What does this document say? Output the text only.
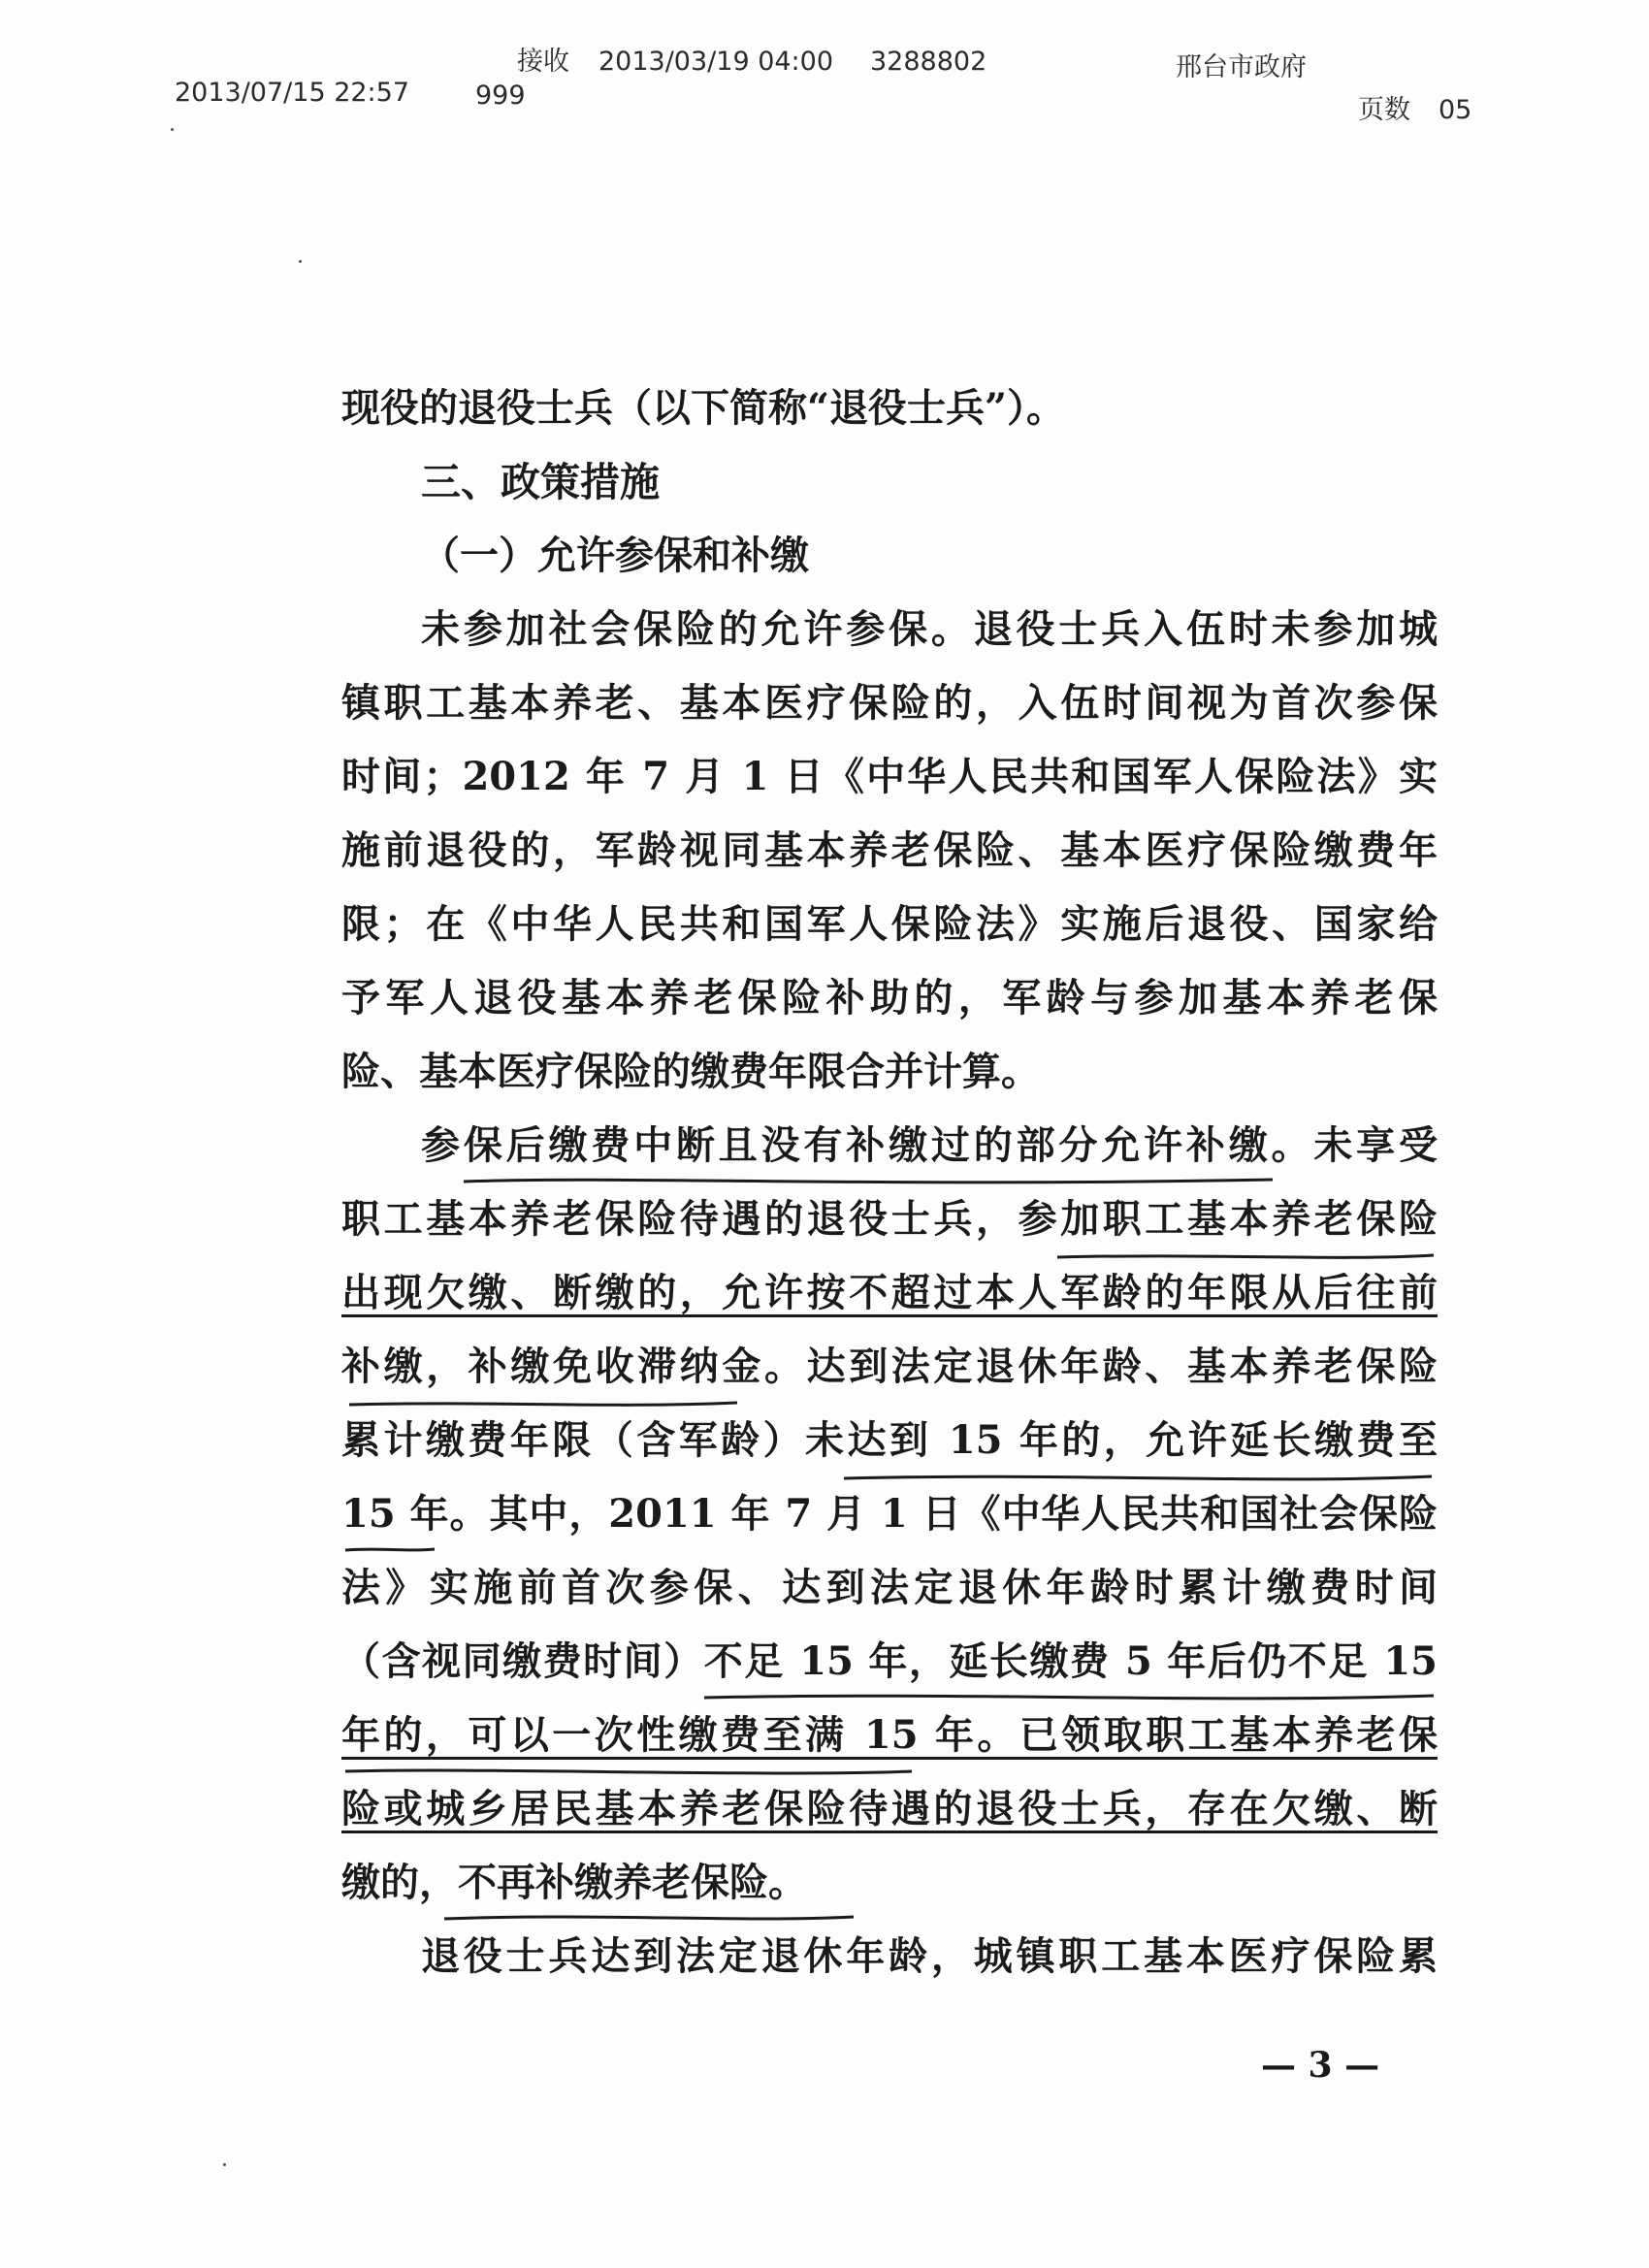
接收 2013/03/19 04:00 3288802	邢台市政府
2013/07/15 22:57	999	页数 05
现役的退役士兵（以下简称“退役士兵”）。
三、政策措施
（一）允许参保和补缴
未参加社会保险的允许参保。退役士兵入伍时未参加城
镇职工基本养老、基本医疗保险的，入伍时间视为首次参保
时间；2012 年 7 月 1 日《中华人民共和国军人保险法》实
施前退役的，军龄视同基本养老保险、基本医疗保险缴费年
限；在《中华人民共和国军人保险法》实施后退役、国家给
予军人退役基本养老保险补助的，军龄与参加基本养老保
险、基本医疗保险的缴费年限合并计算。
参保后缴费中断且没有补缴过的部分允许补缴。未享受
职工基本养老保险待遇的退役士兵，参加职工基本养老保险
出现欠缴、断缴的，允许按不超过本人军龄的年限从后往前
补缴，补缴免收滞纳金。达到法定退休年龄、基本养老保险
累计缴费年限（含军龄）未达到 15 年的，允许延长缴费至
15 年。其中，2011 年 7 月 1 日《中华人民共和国社会保险
法》实施前首次参保、达到法定退休年龄时累计缴费时间
（含视同缴费时间）不足 15 年，延长缴费 5 年后仍不足 15
年的，可以一次性缴费至满 15 年。已领取职工基本养老保
险或城乡居民基本养老保险待遇的退役士兵，存在欠缴、断
缴的，不再补缴养老保险。
退役士兵达到法定退休年龄，城镇职工基本医疗保险累
— 3 —
